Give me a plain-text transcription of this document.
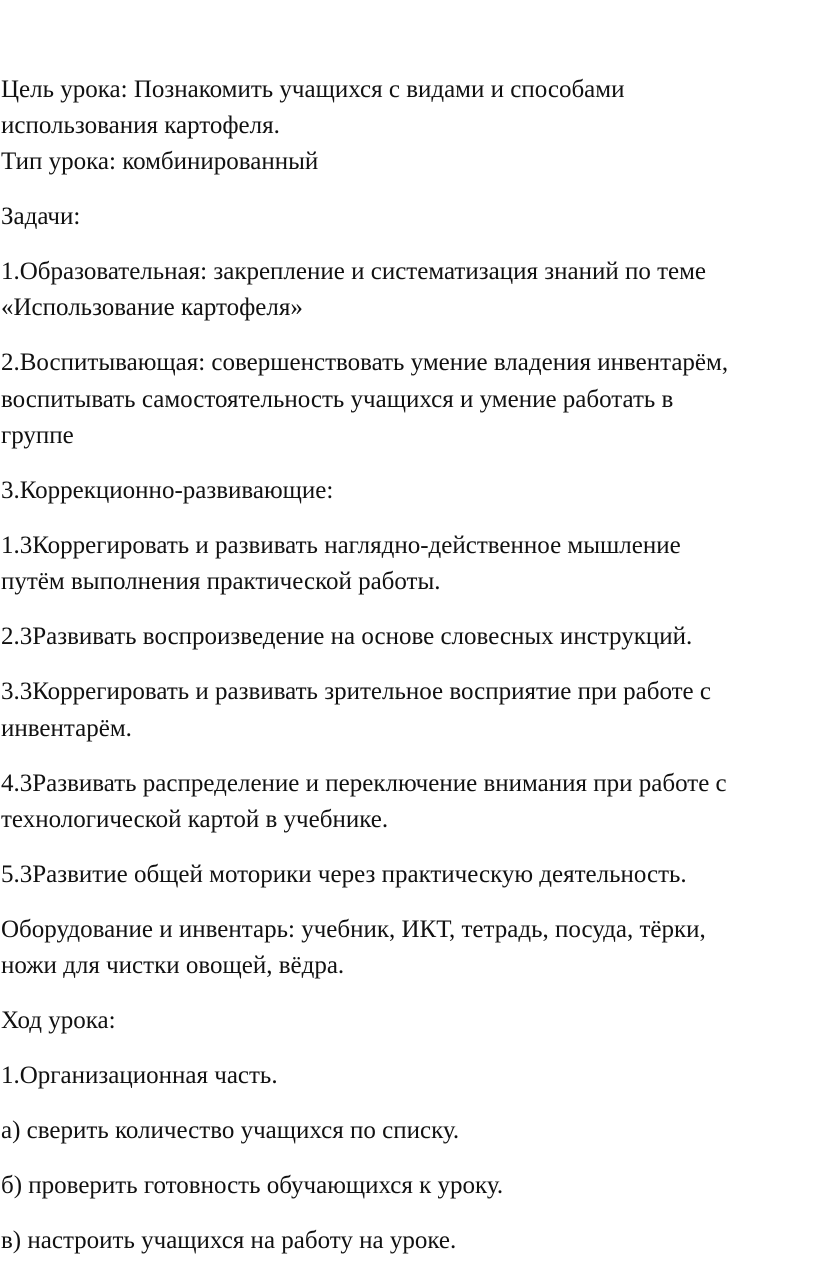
Цель урока: Познакомить учащихся с видами и способами
использования картофеля.
Тип урока: комбинированный
Задачи:
1.Образовательная: закрепление и систематизация знаний по теме
«Использование картофеля»
2.Воспитывающая: совершенствовать умение владения инвентарём,
воспитывать самостоятельность учащихся и умение работать в
группе
3.Коррекционно-развивающие:
1.3Коррегировать и развивать наглядно-действенное мышление
путём выполнения практической работы.
2.3Развивать воспроизведение на основе словесных инструкций.
3.3Коррегировать и развивать зрительное восприятие при работе с
инвентарём.
4.3Развивать распределение и переключение внимания при работе с
технологической картой в учебнике.
5.3Развитие общей моторики через практическую деятельность.
Оборудование и инвентарь: учебник, ИКТ, тетрадь, посуда, тёрки,
ножи для чистки овощей, вёдра.
Ход урока:
1.Организационная часть.
а) сверить количество учащихся по списку.
б) проверить готовность обучающихся к уроку.
в) настроить учащихся на работу на уроке.
